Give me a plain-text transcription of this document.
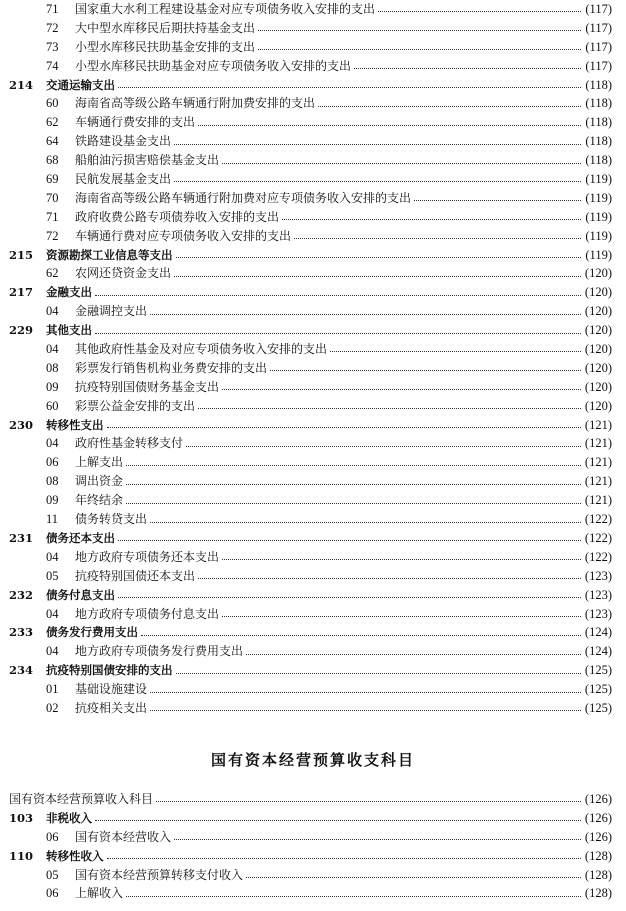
71	国家重大水利工程建设基金对应专项债务收入安排的支出	(117)
72	大中型水库移民后期扶持基金支出	(117)
73	小型水库移民扶助基金安排的支出	(117)
74	小型水库移民扶助基金对应专项债务收入安排的支出	(117)
214 交通运输支出	(118)
60	海南省高等级公路车辆通行附加费安排的支出	(118)
62	车辆通行费安排的支出	(118)
64	铁路建设基金支出	(118)
68	船舶油污损害赔偿基金支出	(118)
69	民航发展基金支出	(119)
70	海南省高等级公路车辆通行附加费对应专项债务收入安排的支出	(119)
71	政府收费公路专项债券收入安排的支出	(119)
72	车辆通行费对应专项债务收入安排的支出	(119)
215 资源勘探工业信息等支出	(119)
62	农网还贷资金支出	(120)
217 金融支出	(120)
04	金融调控支出	(120)
229 其他支出	(120)
04	其他政府性基金及对应专项债务收入安排的支出	(120)
08	彩票发行销售机构业务费安排的支出	(120)
09	抗疫特别国债财务基金支出	(120)
60	彩票公益金安排的支出	(120)
230 转移性支出	(121)
04	政府性基金转移支付	(121)
06	上解支出	(121)
08	调出资金	(121)
09	年终结余	(121)
11	债务转贷支出	(122)
231 债务还本支出	(122)
04	地方政府专项债务还本支出	(122)
05	抗疫特别国债还本支出	(123)
232 债务付息支出	(123)
04	地方政府专项债务付息支出	(123)
233 债务发行费用支出	(124)
04	地方政府专项债务发行费用支出	(124)
234 抗疫特别国债安排的支出	(125)
01	基础设施建设	(125)
02	抗疫相关支出	(125)
国有资本经营预算收支科目
国有资本经营预算收入科目	(126)
103 非税收入	(126)
06	国有资本经营收入	(126)
110 转移性收入	(128)
05	国有资本经营预算转移支付收入	(128)
06	上解收入	(128)
